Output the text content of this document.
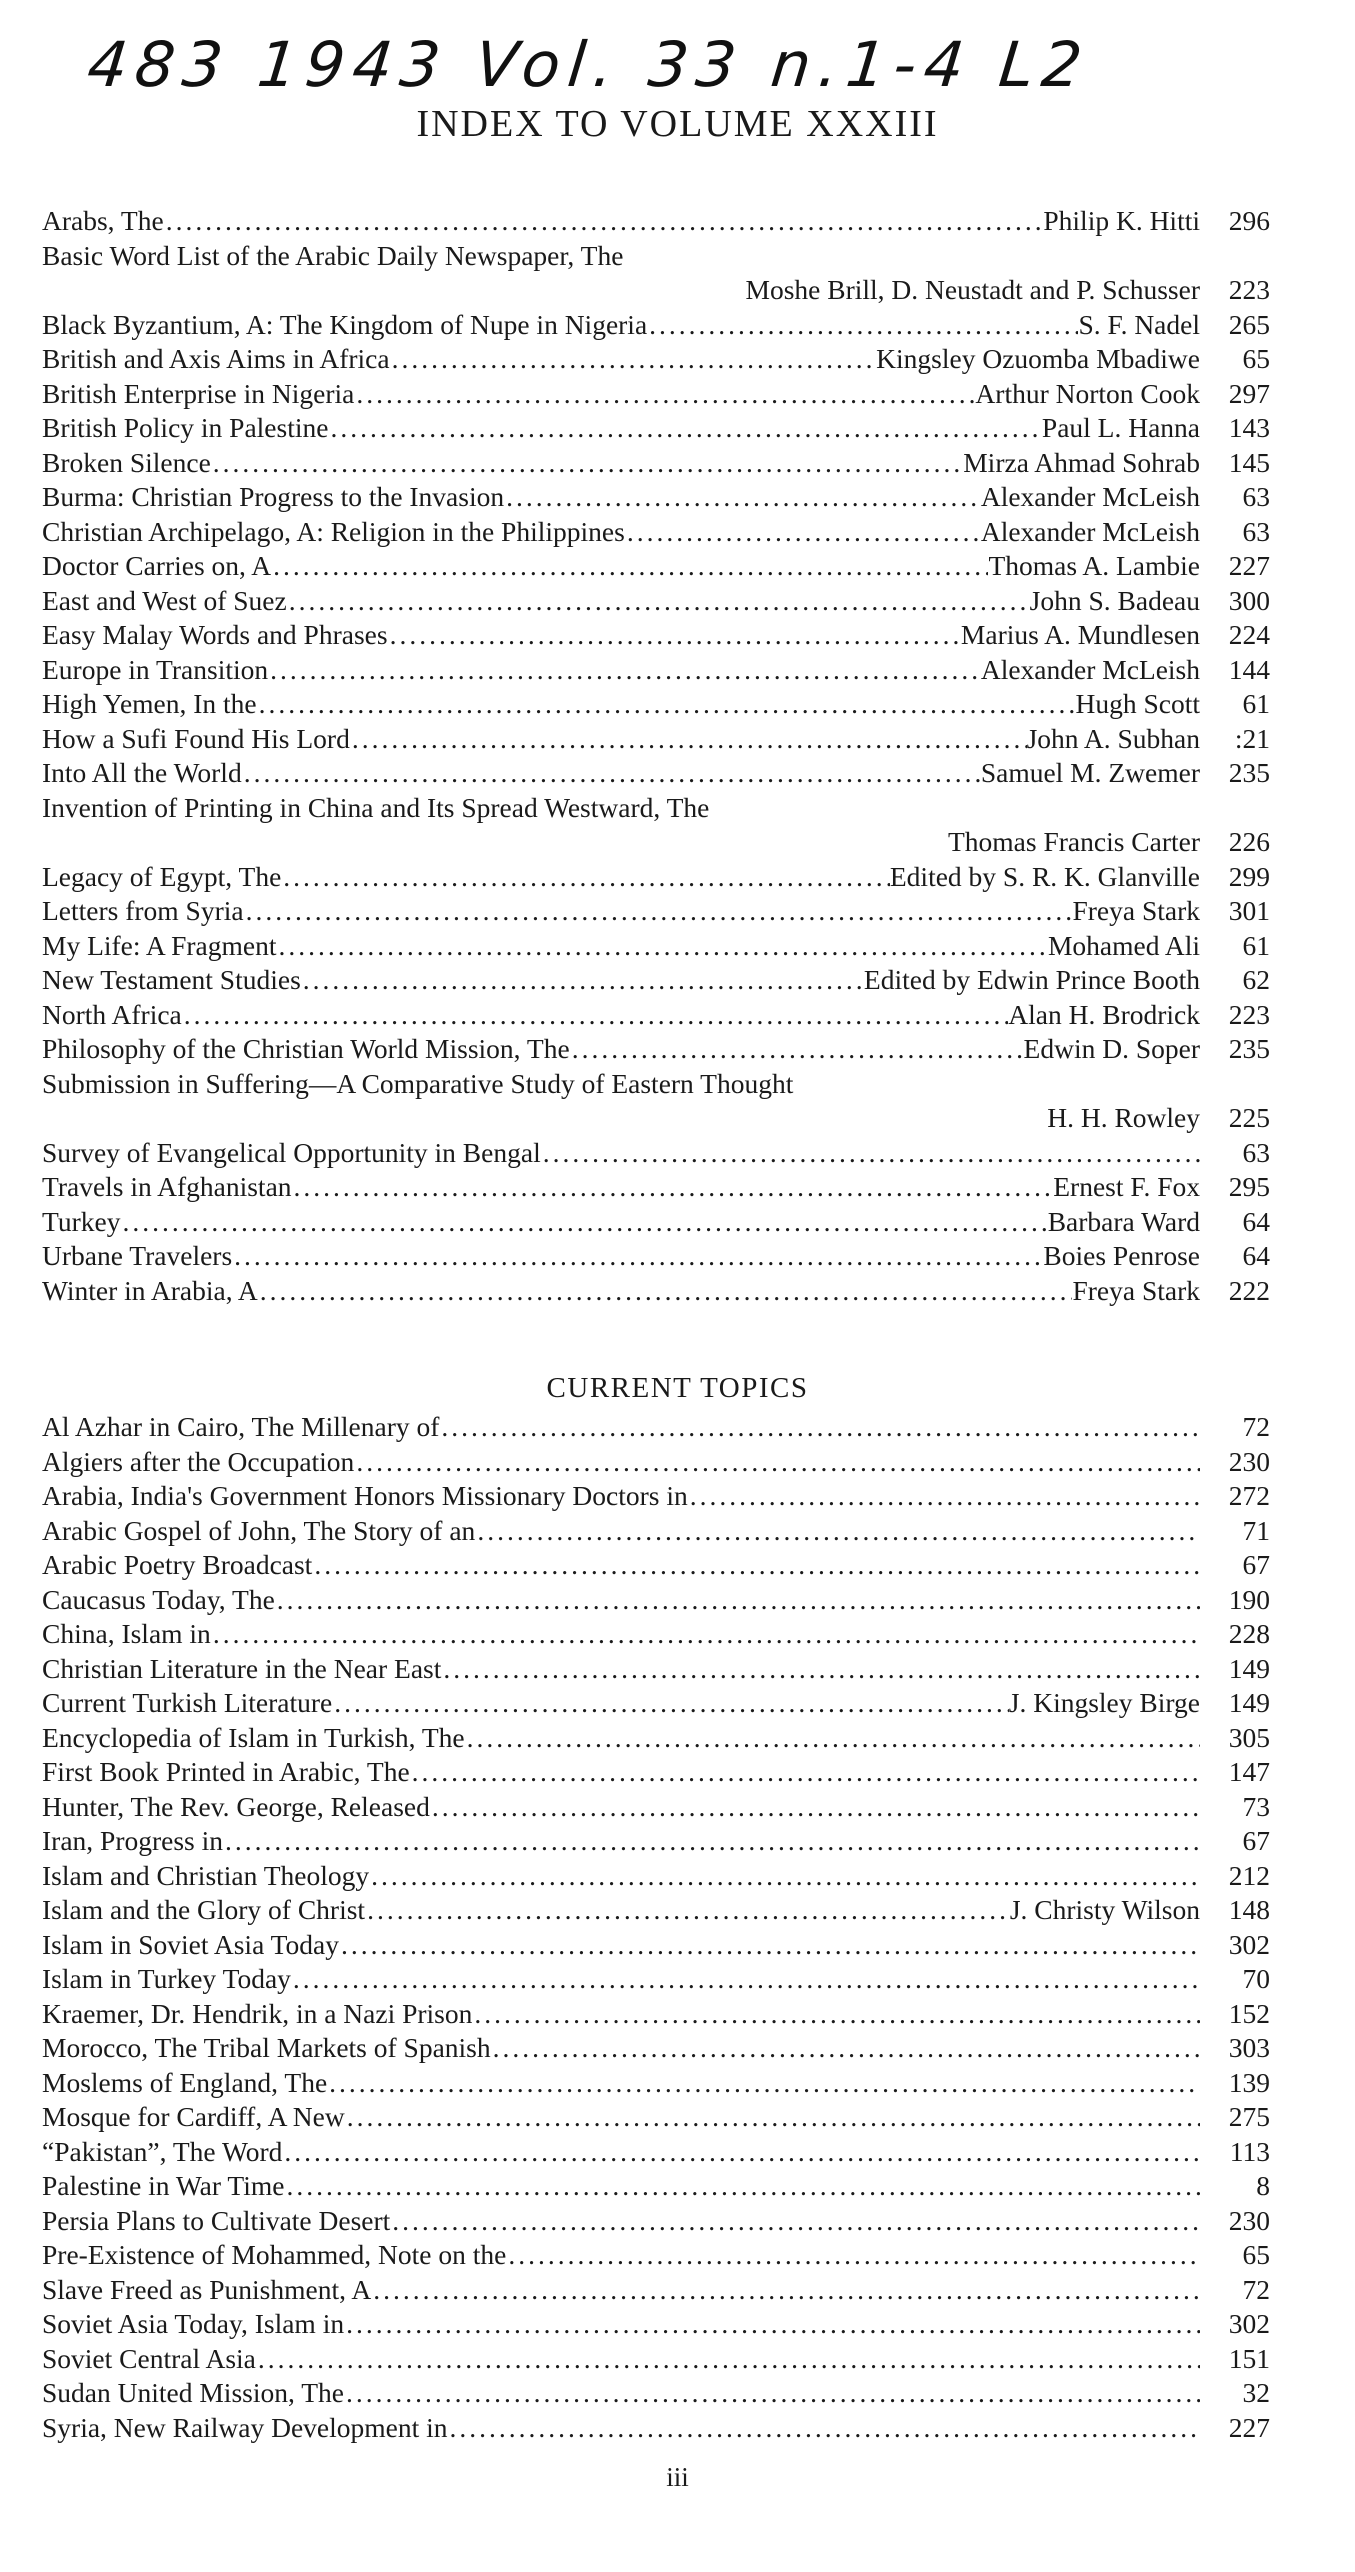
483 1943 Vol. 33 n.1-4 L2
INDEX TO VOLUME XXXIII
Arabs, The .....	Philip K. Hitti	296
Basic Word List of the Arabic Daily Newspaper, The
Moshe Brill, D. Neustadt and P. Schusser	223
Black Byzantium, A: The Kingdom of Nupe in Nigeria .....	S. F. Nadel	265
British and Axis Aims in Africa .....	Kingsley Ozuomba Mbadiwe	65
British Enterprise in Nigeria .....	Arthur Norton Cook	297
British Policy in Palestine .....	Paul L. Hanna	143
Broken Silence .....	Mirza Ahmad Sohrab	145
Burma: Christian Progress to the Invasion .....	Alexander McLeish	63
Christian Archipelago, A: Religion in the Philippines .....	Alexander McLeish	63
Doctor Carries on, A .....	Thomas A. Lambie	227
East and West of Suez .....	John S. Badeau	300
Easy Malay Words and Phrases .....	Marius A. Mundlesen	224
Europe in Transition .....	Alexander McLeish	144
High Yemen, In the .....	Hugh Scott	61
How a Sufi Found His Lord .....	John A. Subhan	:21
Into All the World .....	Samuel M. Zwemer	235
Invention of Printing in China and Its Spread Westward, The
Thomas Francis Carter	226
Legacy of Egypt, The .....	Edited by S. R. K. Glanville	299
Letters from Syria .....	Freya Stark	301
My Life: A Fragment .....	Mohamed Ali	61
New Testament Studies .....	Edited by Edwin Prince Booth	62
North Africa .....	Alan H. Brodrick	223
Philosophy of the Christian World Mission, The .....	Edwin D. Soper	235
Submission in Suffering—A Comparative Study of Eastern Thought
H. H. Rowley	225
Survey of Evangelical Opportunity in Bengal .....	63
Travels in Afghanistan .....	Ernest F. Fox	295
Turkey .....	Barbara Ward	64
Urbane Travelers .....	Boies Penrose	64
Winter in Arabia, A .....	Freya Stark	222
CURRENT TOPICS
Al Azhar in Cairo, The Millenary of .....	72
Algiers after the Occupation .....	230
Arabia, India's Government Honors Missionary Doctors in .....	272
Arabic Gospel of John, The Story of an .....	71
Arabic Poetry Broadcast .....	67
Caucasus Today, The .....	190
China, Islam in .....	228
Christian Literature in the Near East .....	149
Current Turkish Literature .....	J. Kingsley Birge	149
Encyclopedia of Islam in Turkish, The .....	305
First Book Printed in Arabic, The .....	147
Hunter, The Rev. George, Released .....	73
Iran, Progress in .....	67
Islam and Christian Theology .....	212
Islam and the Glory of Christ .....	J. Christy Wilson	148
Islam in Soviet Asia Today .....	302
Islam in Turkey Today .....	70
Kraemer, Dr. Hendrik, in a Nazi Prison .....	152
Morocco, The Tribal Markets of Spanish .....	303
Moslems of England, The .....	139
Mosque for Cardiff, A New .....	275
“Pakistan”, The Word .....	113
Palestine in War Time .....	8
Persia Plans to Cultivate Desert .....	230
Pre-Existence of Mohammed, Note on the .....	65
Slave Freed as Punishment, A .....	72
Soviet Asia Today, Islam in .....	302
Soviet Central Asia .....	151
Sudan United Mission, The .....	32
Syria, New Railway Development in .....	227
iii
